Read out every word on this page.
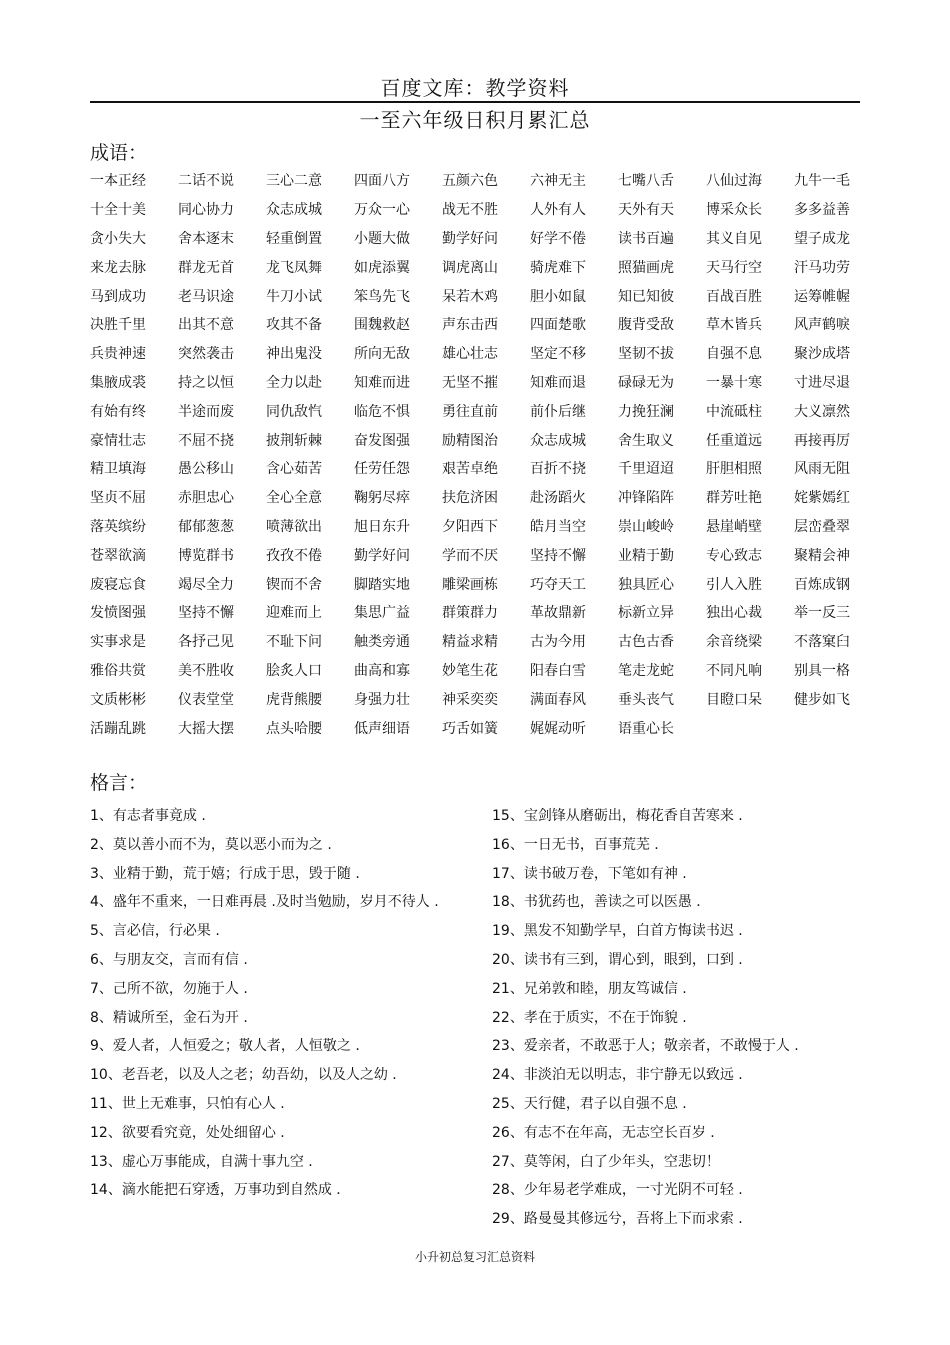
百度文库：教学资料
一至六年级日积月累汇总
成语：
一本正经	二话不说	三心二意	四面八方	五颜六色	六神无主	七嘴八舌	八仙过海	九牛一毛
十全十美	同心协力	众志成城	万众一心	战无不胜	人外有人	天外有天	博采众长	多多益善
贪小失大	舍本逐末	轻重倒置	小题大做	勤学好问	好学不倦	读书百遍	其义自见	望子成龙
来龙去脉	群龙无首	龙飞凤舞	如虎添翼	调虎离山	骑虎难下	照猫画虎	天马行空	汗马功劳
马到成功	老马识途	牛刀小试	笨鸟先飞	呆若木鸡	胆小如鼠	知已知彼	百战百胜	运筹帷幄
决胜千里	出其不意	攻其不备	围魏救赵	声东击西	四面楚歌	腹背受敌	草木皆兵	风声鹤唳
兵贵神速	突然袭击	神出鬼没	所向无敌	雄心壮志	坚定不移	坚韧不拔	自强不息	聚沙成塔
集腋成裘	持之以恒	全力以赴	知难而进	无坚不摧	知难而退	碌碌无为	一暴十寒	寸进尽退
有始有终	半途而废	同仇敌忾	临危不惧	勇往直前	前仆后继	力挽狂澜	中流砥柱	大义凛然
豪情壮志	不屈不挠	披荆斩棘	奋发图强	励精图治	众志成城	舍生取义	任重道远	再接再厉
精卫填海	愚公移山	含心茹苦	任劳任怨	艰苦卓绝	百折不挠	千里迢迢	肝胆相照	风雨无阻
坚贞不屈	赤胆忠心	全心全意	鞠躬尽瘁	扶危济困	赴汤蹈火	冲锋陷阵	群芳吐艳	姹紫嫣红
落英缤纷	郁郁葱葱	喷薄欲出	旭日东升	夕阳西下	皓月当空	崇山峻岭	悬崖峭壁	层峦叠翠
苍翠欲滴	博览群书	孜孜不倦	勤学好问	学而不厌	坚持不懈	业精于勤	专心致志	聚精会神
废寝忘食	竭尽全力	锲而不舍	脚踏实地	雕梁画栋	巧夺天工	独具匠心	引人入胜	百炼成钢
发愤图强	坚持不懈	迎难而上	集思广益	群策群力	革故鼎新	标新立异	独出心裁	举一反三
实事求是	各抒己见	不耻下问	触类旁通	精益求精	古为今用	古色古香	余音绕梁	不落窠臼
雅俗共赏	美不胜收	脍炙人口	曲高和寡	妙笔生花	阳春白雪	笔走龙蛇	不同凡响	别具一格
文质彬彬	仪表堂堂	虎背熊腰	身强力壮	神采奕奕	满面春风	垂头丧气	目瞪口呆	健步如飞
活蹦乱跳	大摇大摆	点头哈腰	低声细语	巧舌如簧	娓娓动听	语重心长
格言：
1、有志者事竟成 .
2、莫以善小而不为，莫以恶小而为之 .
3、业精于勤，荒于嬉；行成于思，毁于随 .
4、盛年不重来，一日难再晨 .及时当勉励，岁月不待人 .
5、言必信，行必果 .
6、与朋友交，言而有信 .
7、己所不欲，勿施于人 .
8、精诚所至，金石为开 .
9、爱人者，人恒爱之；敬人者，人恒敬之 .
10、老吾老，以及人之老；幼吾幼，以及人之幼 .
11、世上无难事，只怕有心人 .
12、欲要看究竟，处处细留心 .
13、虚心万事能成，自满十事九空 .
14、滴水能把石穿透，万事功到自然成 .
15、宝剑锋从磨砺出，梅花香自苦寒来 .
16、一日无书，百事荒芜 .
17、读书破万卷，下笔如有神 .
18、书犹药也，善读之可以医愚 .
19、黑发不知勤学早，白首方悔读书迟 .
20、读书有三到，谓心到，眼到，口到 .
21、兄弟敦和睦，朋友笃诚信 .
22、孝在于质实，不在于饰貌 .
23、爱亲者，不敢恶于人；敬亲者，不敢慢于人 .
24、非淡泊无以明志，非宁静无以致远 .
25、天行健，君子以自强不息 .
26、有志不在年高，无志空长百岁 .
27、莫等闲，白了少年头，空悲切！
28、少年易老学难成，一寸光阴不可轻 .
29、路曼曼其修远兮，吾将上下而求索 .
小升初总复习汇总资料
